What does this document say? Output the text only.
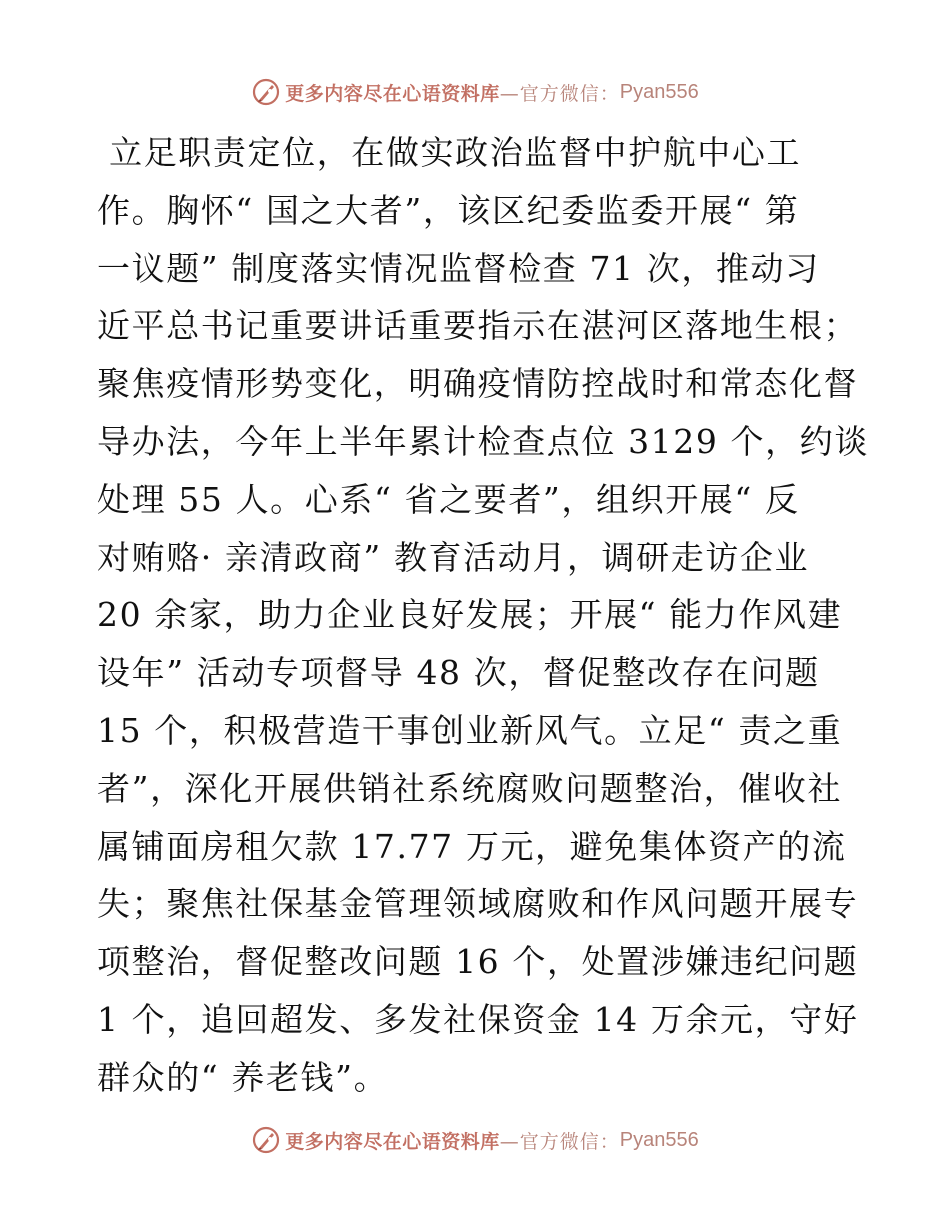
更多内容尽在心语资料库 —官方微信： Pyan556
立足职责定位，在做实政治监督中护航中心工
作。胸怀“ 国之大者”，该区纪委监委开展“ 第
一议题” 制度落实情况监督检查 71 次，推动习
近平总书记重要讲话重要指示在湛河区落地生根；
聚焦疫情形势变化，明确疫情防控战时和常态化督
导办法，今年上半年累计检查点位 3129 个，约谈
处理 55 人。心系“ 省之要者”，组织开展“ 反
对贿赂· 亲清政商” 教育活动月，调研走访企业
20 余家，助力企业良好发展；开展“ 能力作风建
设年” 活动专项督导 48 次，督促整改存在问题
15 个，积极营造干事创业新风气。立足“ 责之重
者”，深化开展供销社系统腐败问题整治，催收社
属铺面房租欠款 17.77 万元，避免集体资产的流
失；聚焦社保基金管理领域腐败和作风问题开展专
项整治，督促整改问题 16 个，处置涉嫌违纪问题
1 个，追回超发、多发社保资金 14 万余元，守好
群众的“ 养老钱”。
更多内容尽在心语资料库 —官方微信： Pyan556
